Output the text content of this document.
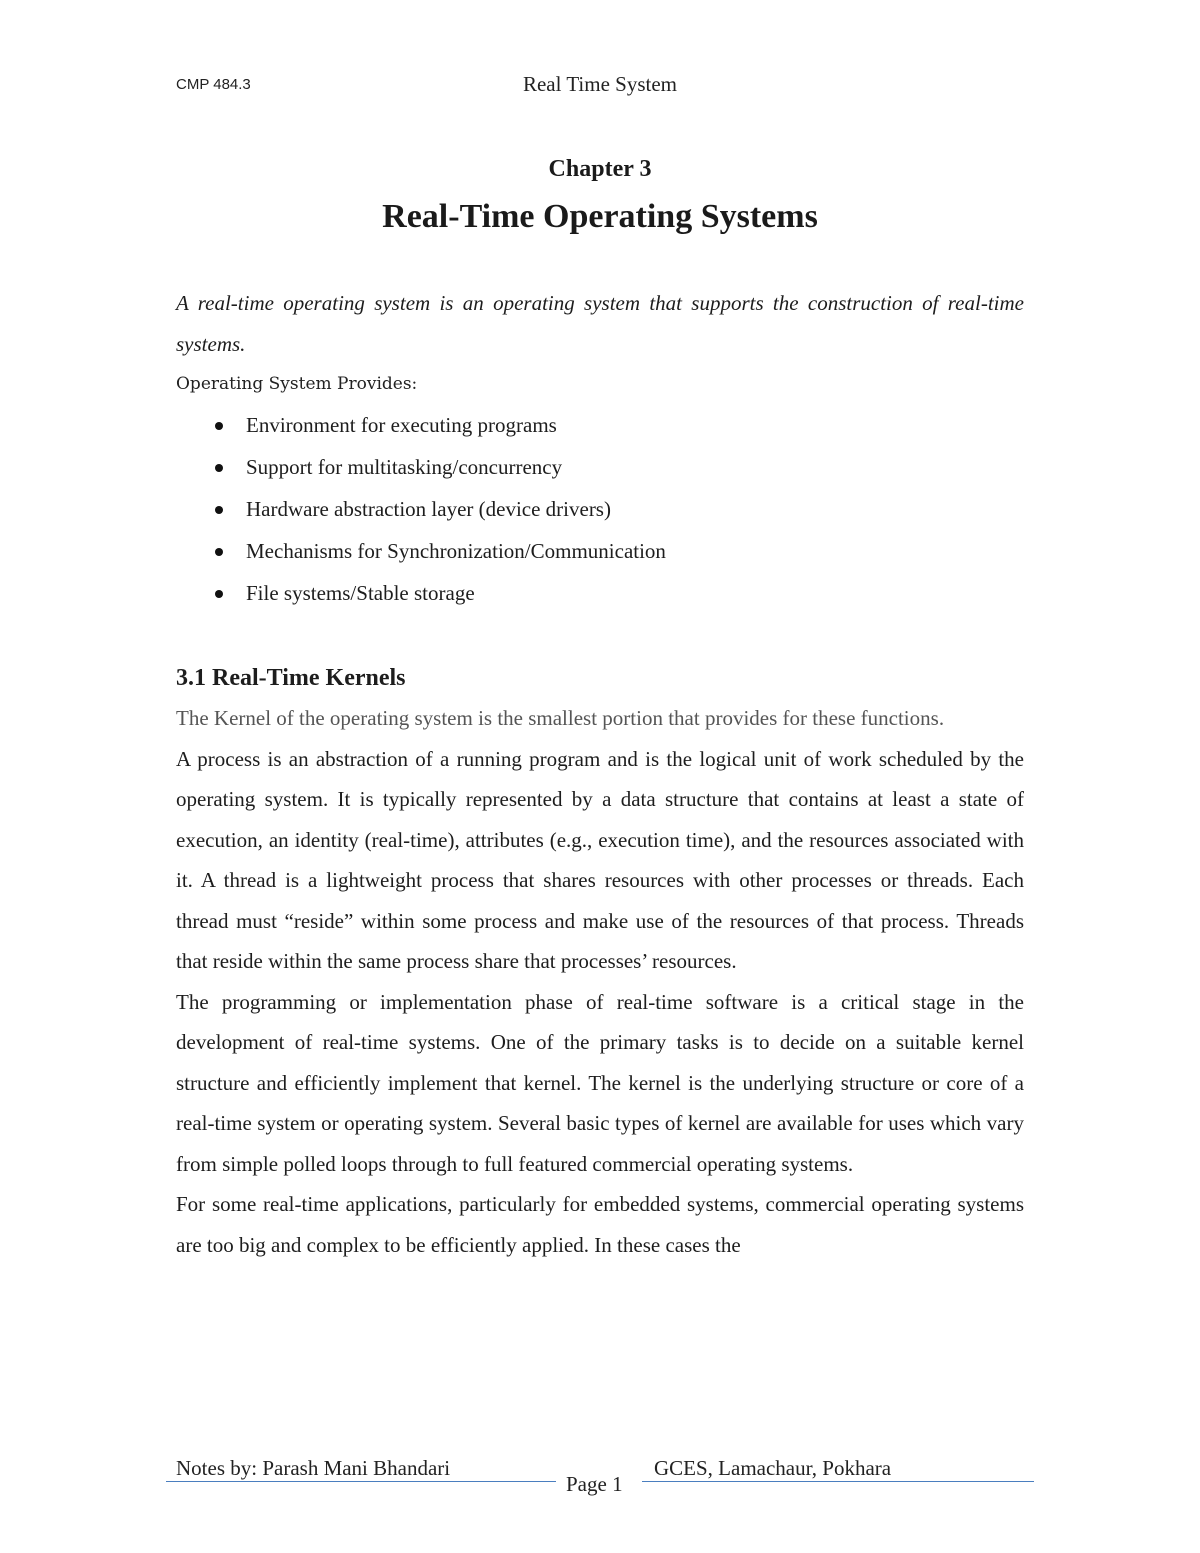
CMP 484.3	Real Time System
Chapter 3
Real-Time Operating Systems

A real-time operating system is an operating system that supports the construction of real-time systems.

Operating System Provides:

Environment for executing programs
Support for multitasking/concurrency
Hardware abstraction layer (device drivers)
Mechanisms for Synchronization/Communication
File systems/Stable storage
3.1 Real-Time Kernels

The Kernel of the operating system is the smallest portion that provides for these functions.

A process is an abstraction of a running program and is the logical unit of work scheduled by the operating system. It is typically represented by a data structure that contains at least a state of execution, an identity (real-time), attributes (e.g., execution time), and the resources associated with it. A thread is a lightweight process that shares resources with other processes or threads. Each thread must “reside” within some process and make use of the resources of that process. Threads that reside within the same process share that processes’ resources.

The programming or implementation phase of real-time software is a critical stage in the development of real-time systems. One of the primary tasks is to decide on a suitable kernel structure and efficiently implement that kernel. The kernel is the underlying structure or core of a real-time system or operating system. Several basic types of kernel are available for uses which vary from simple polled loops through to full featured commercial operating systems.

For some real-time applications, particularly for embedded systems, commercial operating systems are too big and complex to be efficiently applied. In these cases the

Notes by: Parash Mani Bhandari
Page 1
GCES, Lamachaur, Pokhara
